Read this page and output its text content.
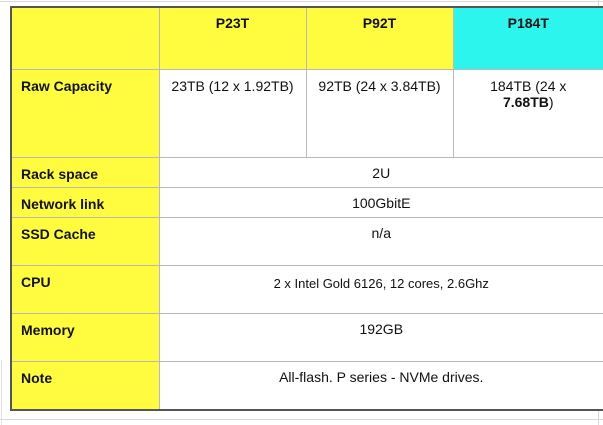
	P23T	P92T	P184T
Raw Capacity	23TB (12 x 1.92TB)	92TB (24 x 3.84TB)	184TB (24 x
7.68TB)
Rack space	2U		
Network link	100GbitE		
SSD Cache	n/a		
CPU	2 x Intel Gold 6126, 12 cores, 2.6Ghz		
Memory	192GB		
Note	All-flash. P series - NVMe drives.		
